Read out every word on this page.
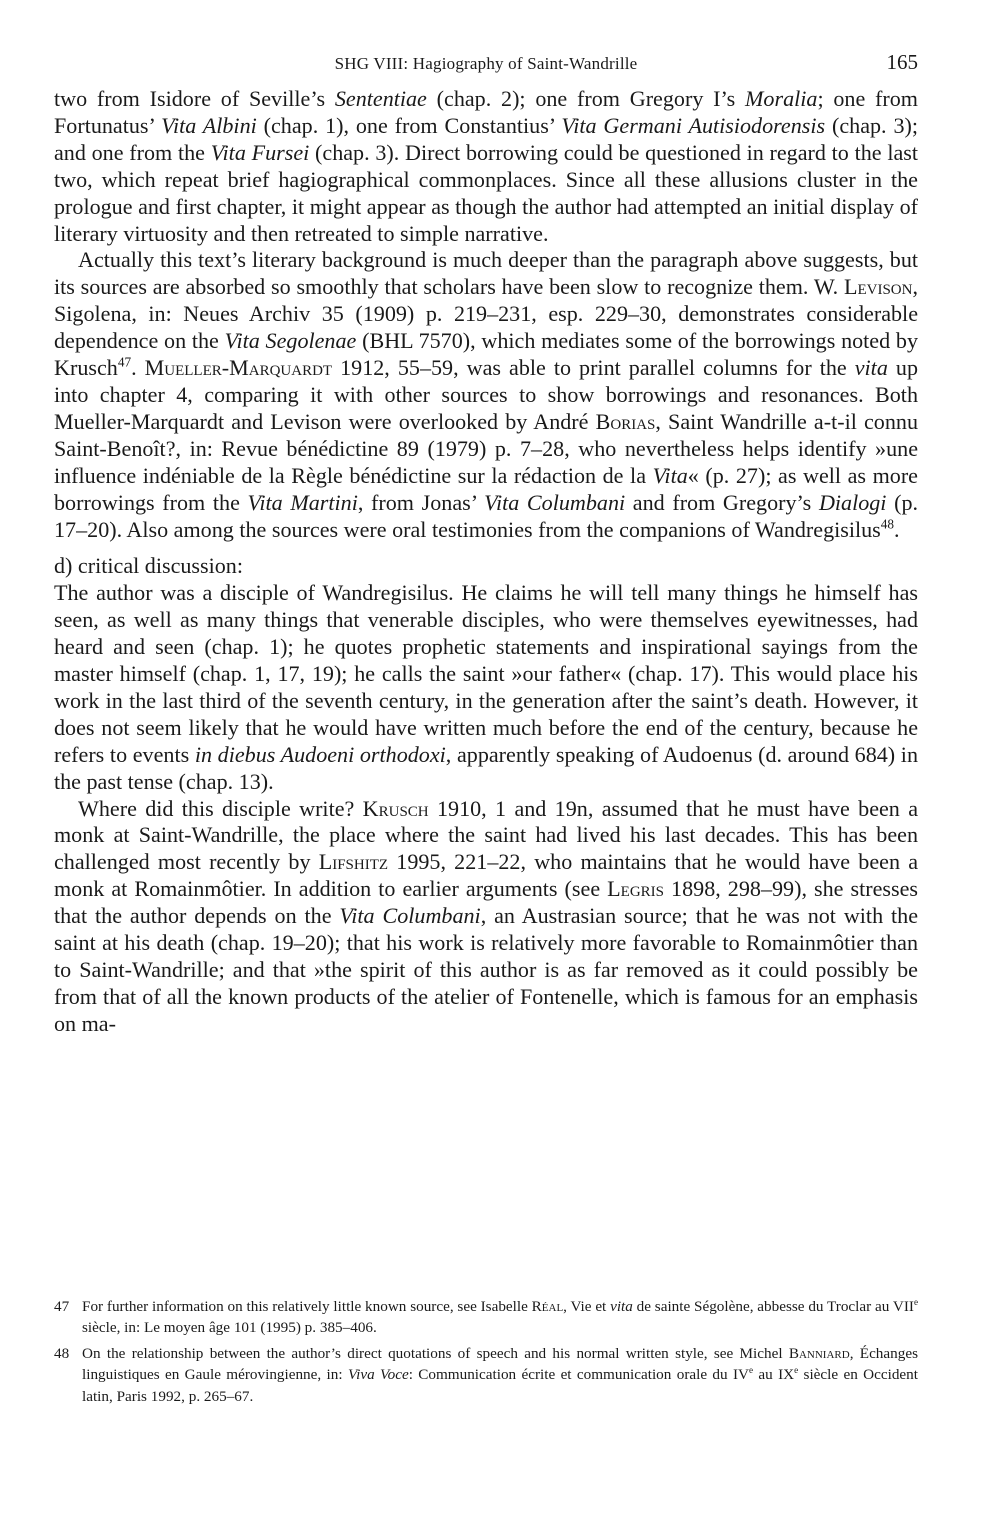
SHG VIII: Hagiography of Saint-Wandrille	165

two from Isidore of Seville’s Sententiae (chap. 2); one from Gregory I’s Moralia; one from Fortunatus’ Vita Albini (chap. 1), one from Constantius’ Vita Germani Autisiodorensis (chap. 3); and one from the Vita Fursei (chap. 3). Direct borrowing could be questioned in regard to the last two, which repeat brief hagiographical commonplaces. Since all these allusions cluster in the prologue and first chapter, it might appear as though the author had attempted an initial display of literary virtuosity and then retreated to simple narrative.

Actually this text’s literary background is much deeper than the paragraph above suggests, but its sources are absorbed so smoothly that scholars have been slow to recognize them. W. Levison, Sigolena, in: Neues Archiv 35 (1909) p. 219–231, esp. 229–30, demonstrates considerable dependence on the Vita Segolenae (BHL 7570), which mediates some of the borrowings noted by Krusch$^{47}$. Mueller-Marquardt 1912, 55–59, was able to print parallel columns for the vita up into chapter 4, comparing it with other sources to show borrowings and resonances. Both Mueller-Marquardt and Levison were overlooked by André Borias, Saint Wandrille a-t-il connu Saint-Benoît?, in: Revue bénédictine 89 (1979) p. 7–28, who nevertheless helps identify »une influence indéniable de la Règle bénédictine sur la rédaction de la Vita« (p. 27); as well as more borrowings from the Vita Martini, from Jonas’ Vita Columbani and from Gregory’s Dialogi (p. 17–20). Also among the sources were oral testimonies from the companions of Wandregisilus$^{48}$.

d) critical discussion:

The author was a disciple of Wandregisilus. He claims he will tell many things he himself has seen, as well as many things that venerable disciples, who were themselves eyewitnesses, had heard and seen (chap. 1); he quotes prophetic statements and inspirational sayings from the master himself (chap. 1, 17, 19); he calls the saint »our father« (chap. 17). This would place his work in the last third of the seventh century, in the generation after the saint’s death. However, it does not seem likely that he would have written much before the end of the century, because he refers to events in diebus Audoeni orthodoxi, apparently speaking of Audoenus (d. around 684) in the past tense (chap. 13).

Where did this disciple write? Krusch 1910, 1 and 19n, assumed that he must have been a monk at Saint-Wandrille, the place where the saint had lived his last decades. This has been challenged most recently by Lifshitz 1995, 221–22, who maintains that he would have been a monk at Romainmôtier. In addition to earlier arguments (see Legris 1898, 298–99), she stresses that the author depends on the Vita Columbani, an Austrasian source; that he was not with the saint at his death (chap. 19–20); that his work is relatively more favorable to Romainmôtier than to Saint-Wandrille; and that »the spirit of this author is as far removed as it could possibly be from that of all the known products of the atelier of Fontenelle, which is famous for an emphasis on ma-

47 For further information on this relatively little known source, see Isabelle Réal, Vie et vita de sainte Ségolène, abbesse du Troclar au VIIe siècle, in: Le moyen âge 101 (1995) p. 385–406.
48 On the relationship between the author’s direct quotations of speech and his normal written style, see Michel Banniard, Échanges linguistiques en Gaule mérovingienne, in: Viva Voce: Communication écrite et communication orale du IVe au IXe siècle en Occident latin, Paris 1992, p. 265–67.
